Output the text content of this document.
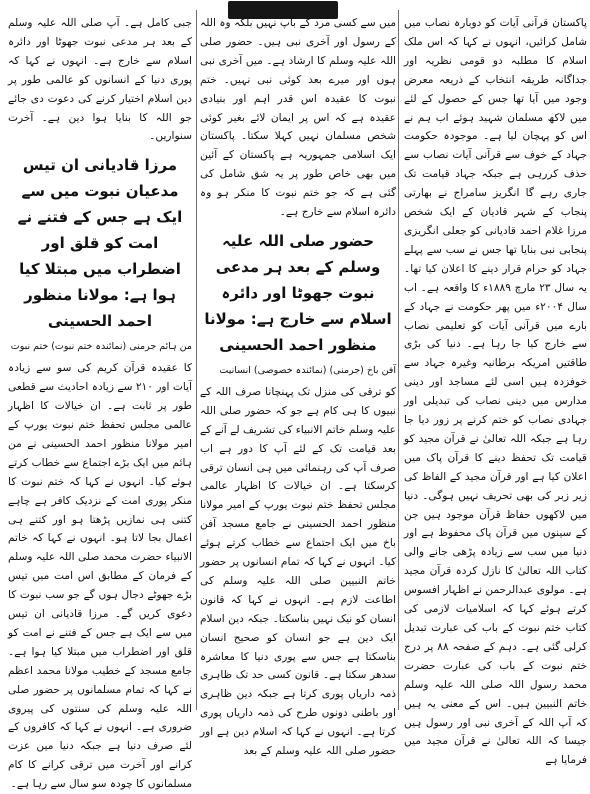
پاکستان قرآنی آیات کو دوبارہ نصاب میں شامل کرائیں، انہوں نے کہا کہ اس ملک اسلام کا مطلبہ دو قومی نظریہ اور جداگانہ طریقہ انتخاب کے ذریعہ معرض وجود میں آیا تھا جس کے حصول کے لئے میں لاکھ مسلمان شہید ہوئے اب ہم نے اس کو پہچان لیا ہے۔ موجودہ حکومت جہاد کے خوف سے قرآنی آیات نصاب سے حذف کررہی ہے جبکہ جہاد قیامت تک جاری رہے گا انگریز سامراج نے بھارتی پنجاب کے شہر قادیان کے ایک شخص مرزا غلام احمد قادیانی کو جعلی انگریزی پنجابی نبی بنایا تھا جس نے سب سے پہلے جہاد کو حرام قرار دینے کا اعلان کیا تھا۔ یہ سال ۲۳ مارچ ۱۸۸۹ء کا واقعہ ہے۔ اب سال ۲۰۰۴ء میں پھر حکومت نے جہاد کے بارے میں قرآنی آیات کو تعلیمی نصاب سے خارج کیا جا رہا ہے۔ دنیا کی بڑی طاقتیں امریکہ برطانیہ وغیرہ جہاد سے خوفزدہ ہیں اسی لئے مساجد اور دینی مدارس میں دینی نصاب کی تبدیلی اور جہادی نصاب کو ختم کرنے پر زور دیا جا رہا ہے جبکہ اللہ تعالیٰ نے قرآن مجید کو قیامت تک تحفظ دینے کا قرآن پاک میں اعلان کیا ہے اور قرآن مجید کے الفاظ کی زیر زبر کی بھی تحریف نہیں ہوگی۔ دنیا میں لاکھوں حفاظ قرآن موجود ہیں جن کے سینوں میں قرآن پاک محفوظ ہے اور دنیا میں سب سے زیادہ پڑھی جانے والی کتاب اللہ تعالیٰ کا نازل کردہ قرآن مجید ہے۔ مولوی عبدالرحمن نے اظہار افسوس کرتے ہوئے کہا کہ اسلامیات لازمی کی کتاب ختم نبوت کے باب کی عبارت تبدیل کرلی گئی ہے۔ دہم کے صفحہ ۸۸ پر درج ختم نبوت کے باب کی عبارت حضرت محمد رسول اللہ صلی اللہ علیہ وسلم خاتم النبیین ہیں۔ اس کے معنی یہ ہیں کہ آپ اللہ کے آخری نبی اور رسول ہیں جیسا کہ اللہ تعالیٰ نے قرآن مجید میں فرمایا ہے

میں سے کسی مرد کے باپ نہیں بلکہ وہ اللہ کے رسول اور آخری نبی ہیں۔ حضور صلی اللہ علیہ وسلم کا ارشاد ہے۔ میں آخری نبی ہوں اور میرے بعد کوئی نبی نہیں۔ ختم نبوت کا عقیدہ اس قدر اہم اور بنیادی عقیدہ ہے کہ اس پر ایمان لائے بغیر کوئی شخص مسلمان نہیں کہلا سکتا۔ پاکستان ایک اسلامی جمہوریہ ہے پاکستان کے آئین میں بھی خاص طور پر یہ شق شامل کی گئی ہے کہ جو ختم نبوت کا منکر ہو وہ دائرہ اسلام سے خارج ہے۔

حضور صلی اللہ علیہ وسلم کے بعد ہر مدعی نبوت جھوٹا اور دائرہ اسلام سے خارج ہے: مولانا منظور احمد الحسینی
آفن باخ (جرمنی) (نمائندہ خصوصی) انسانیت

کو ترقی کی منزل تک پہنچانا صرف اللہ کے نبیوں کا ہی کام ہے جو کہ حضور صلی اللہ علیہ وسلم خاتم الانبیاء کی تشریف لے آنے کے بعد قیامت تک کے لئے آپ کا دور ہے اب صرف آپ کی رہنمائی میں ہی انسان ترقی کرسکتا ہے۔ ان خیالات کا اظہار عالمی مجلس تحفظ ختم نبوت یورپ کے امیر مولانا منظور احمد الحسینی نے جامع مسجد آفن باخ میں ایک اجتماع سے خطاب کرتے ہوئے کیا۔ انہوں نے کہا کہ تمام انسانوں پر حضور خاتم النبیین صلی اللہ علیہ وسلم کی اطاعت لازم ہے۔ انہوں نے کہا کہ قانون انسان کو نیک نہیں بناسکتا۔ جبکہ دین اسلام ایک دین ہے جو انسان کو صحیح انسان بناسکتا ہے جس سے پوری دنیا کا معاشرہ سدھر سکتا ہے۔ قانون کسی حد تک ظاہری ذمہ داریاں پوری کرتا ہے جبکہ دین ظاہری اور باطنی دونوں طرح کی ذمہ داریاں پوری کرتا ہے۔ انہوں نے کہا کہ اسلام دین ہے اور حضور صلی اللہ علیہ وسلم کے بعد

جبی کامل ہے۔ آپ صلی اللہ علیہ وسلم کے بعد ہر مدعی نبوت جھوٹا اور دائرہ اسلام سے خارج ہے۔ انہوں نے کہا کہ پوری دنیا کے انسانوں کو عالمی طور پر دین اسلام اختیار کرنے کی دعوت دی جائے جو اللہ کا بنایا ہوا دین ہے۔ آخرت سنواریں۔

مرزا قادیانی ان تیس مدعیان نبوت میں سے ایک ہے جس کے فتنے نے امت کو قلق اور اضطراب میں مبتلا کیا ہوا ہے: مولانا منظور احمد الحسینی
من ہائم جرمنی (نمائندہ ختم نبوت) ختم نبوت

کا عقیدہ قرآن کریم کی سو سے زیادہ آیات اور ۲۱۰ سے زیادہ احادیث سے قطعی طور پر ثابت ہے۔ ان خیالات کا اظہار عالمی مجلس تحفظ ختم نبوت یورپ کے امیر مولانا منظور احمد الحسینی نے من ہائم میں ایک بڑے اجتماع سے خطاب کرتے ہوئے کیا۔ انہوں نے کہا کہ ختم نبوت کا منکر پوری امت کے نزدیک کافر ہے چاہے کتنی ہی نمازیں پڑھتا ہو اور کتنے ہی اعمال بجا لاتا ہو۔ انہوں نے کہا کہ خاتم الانبیاء حضرت محمد صلی اللہ علیہ وسلم کے فرمان کے مطابق اس امت میں تیس بڑے جھوٹے دجال ہوں گے جو سب نبوت کا دعوی کریں گے۔ مرزا قادیانی ان تیس میں سے ایک ہے جس کے فتنے نے امت کو قلق اور اضطراب میں مبتلا کیا ہوا ہے۔ جامع مسجد کے خطیب مولانا محمد اعظم نے کہا کہ تمام مسلمانوں پر حضور صلی اللہ علیہ وسلم کی سنتوں کی پیروی ضروری ہے۔ انہوں نے کہا کہ کافروں کے لئے صرف دنیا ہے جبکہ دنیا میں عزت کرانے اور آخرت میں ترقی کرانے کا کام مسلمانوں کا چودہ سو سال سے رہا ہے۔
